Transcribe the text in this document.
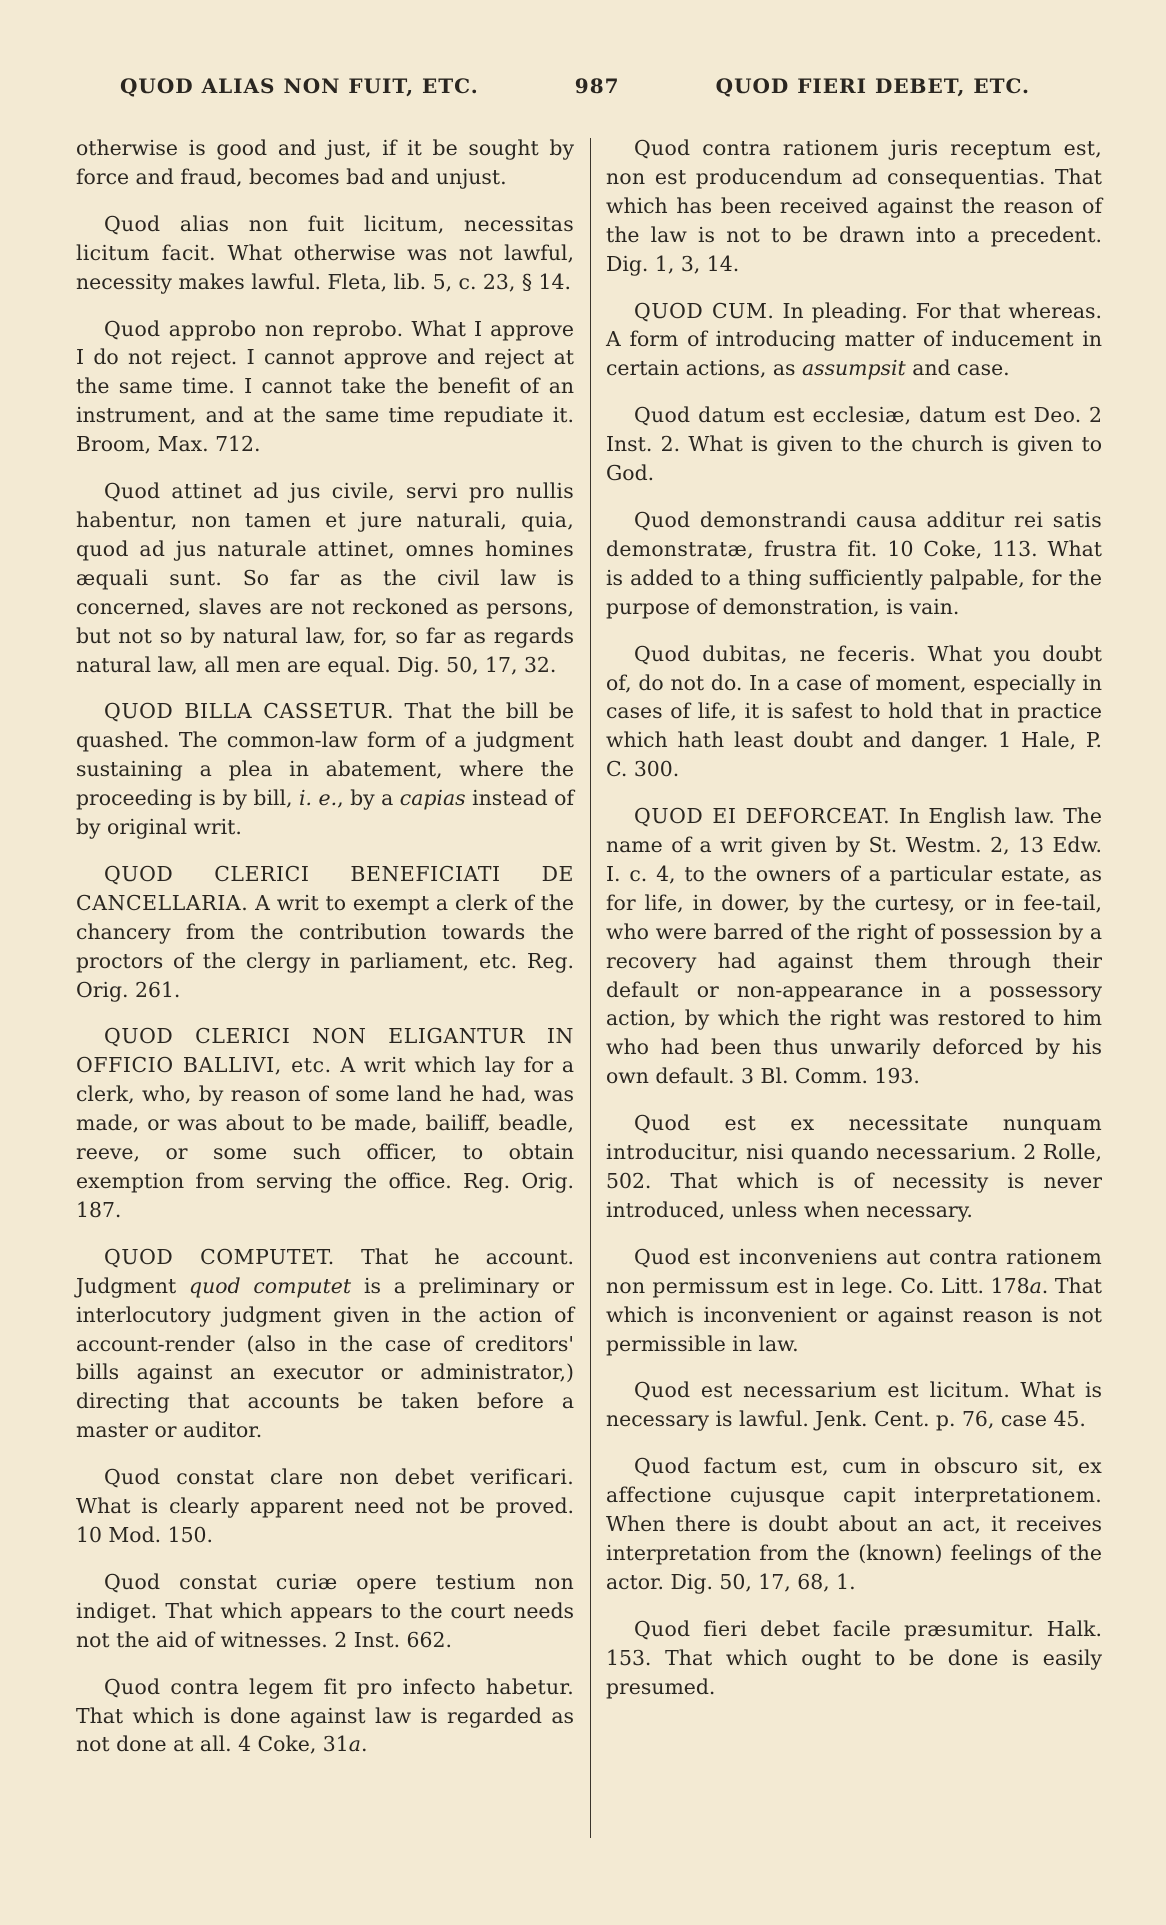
QUOD ALIAS NON FUIT, ETC.	987	QUOD FIERI DEBET, ETC.

otherwise is good and just, if it be sought by force and fraud, becomes bad and unjust.

Quod alias non fuit licitum, necessitas licitum facit. What otherwise was not lawful, necessity makes lawful. Fleta, lib. 5, c. 23, § 14.

Quod approbo non reprobo. What I approve I do not reject. I cannot approve and reject at the same time. I cannot take the benefit of an instrument, and at the same time repudiate it. Broom, Max. 712.

Quod attinet ad jus civile, servi pro nullis habentur, non tamen et jure naturali, quia, quod ad jus naturale attinet, omnes homines æquali sunt. So far as the civil law is concerned, slaves are not reckoned as persons, but not so by natural law, for, so far as regards natural law, all men are equal. Dig. 50, 17, 32.

QUOD BILLA CASSETUR. That the bill be quashed. The common-law form of a judgment sustaining a plea in abatement, where the proceeding is by bill, i. e., by a capias instead of by original writ.

QUOD CLERICI BENEFICIATI DE CANCELLARIA. A writ to exempt a clerk of the chancery from the contribution towards the proctors of the clergy in parliament, etc. Reg. Orig. 261.

QUOD CLERICI NON ELIGANTUR IN OFFICIO BALLIVI, etc. A writ which lay for a clerk, who, by reason of some land he had, was made, or was about to be made, bailiff, beadle, reeve, or some such officer, to obtain exemption from serving the office. Reg. Orig. 187.

QUOD COMPUTET. That he account. Judgment quod computet is a preliminary or interlocutory judgment given in the action of account-render (also in the case of creditors' bills against an executor or administrator,) directing that accounts be taken before a master or auditor.

Quod constat clare non debet verificari. What is clearly apparent need not be proved. 10 Mod. 150.

Quod constat curiæ opere testium non indiget. That which appears to the court needs not the aid of witnesses. 2 Inst. 662.

Quod contra legem fit pro infecto habetur. That which is done against law is regarded as not done at all. 4 Coke, 31a.

Quod contra rationem juris receptum est, non est producendum ad consequentias. That which has been received against the reason of the law is not to be drawn into a precedent. Dig. 1, 3, 14.

QUOD CUM. In pleading. For that whereas. A form of introducing matter of inducement in certain actions, as assumpsit and case.

Quod datum est ecclesiæ, datum est Deo. 2 Inst. 2. What is given to the church is given to God.

Quod demonstrandi causa additur rei satis demonstratæ, frustra fit. 10 Coke, 113. What is added to a thing sufficiently palpable, for the purpose of demonstration, is vain.

Quod dubitas, ne feceris. What you doubt of, do not do. In a case of moment, especially in cases of life, it is safest to hold that in practice which hath least doubt and danger. 1 Hale, P. C. 300.

QUOD EI DEFORCEAT. In English law. The name of a writ given by St. Westm. 2, 13 Edw. I. c. 4, to the owners of a particular estate, as for life, in dower, by the curtesy, or in fee-tail, who were barred of the right of possession by a recovery had against them through their default or non-appearance in a possessory action, by which the right was restored to him who had been thus unwarily deforced by his own default. 3 Bl. Comm. 193.

Quod est ex necessitate nunquam introducitur, nisi quando necessarium. 2 Rolle, 502. That which is of necessity is never introduced, unless when necessary.

Quod est inconveniens aut contra rationem non permissum est in lege. Co. Litt. 178a. That which is inconvenient or against reason is not permissible in law.

Quod est necessarium est licitum. What is necessary is lawful. Jenk. Cent. p. 76, case 45.

Quod factum est, cum in obscuro sit, ex affectione cujusque capit interpretationem. When there is doubt about an act, it receives interpretation from the (known) feelings of the actor. Dig. 50, 17, 68, 1.

Quod fieri debet facile præsumitur. Halk. 153. That which ought to be done is easily presumed.
